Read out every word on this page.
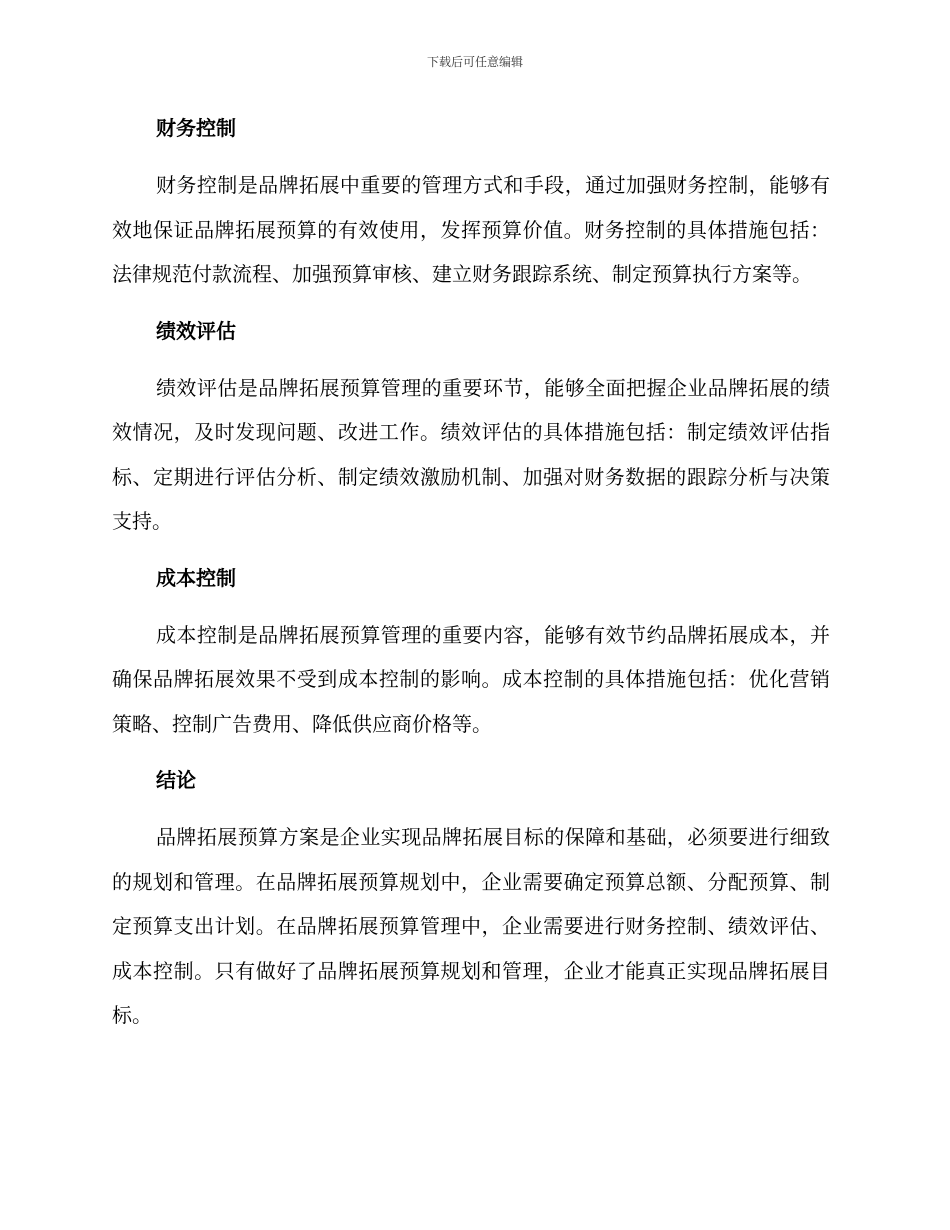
下载后可任意编辑
财务控制

财务控制是品牌拓展中重要的管理方式和手段，通过加强财务控制，能够有效地保证品牌拓展预算的有效使用，发挥预算价值。财务控制的具体措施包括：法律规范付款流程、加强预算审核、建立财务跟踪系统、制定预算执行方案等。

绩效评估

绩效评估是品牌拓展预算管理的重要环节，能够全面把握企业品牌拓展的绩效情况，及时发现问题、改进工作。绩效评估的具体措施包括：制定绩效评估指标、定期进行评估分析、制定绩效激励机制、加强对财务数据的跟踪分析与决策支持。

成本控制

成本控制是品牌拓展预算管理的重要内容，能够有效节约品牌拓展成本，并确保品牌拓展效果不受到成本控制的影响。成本控制的具体措施包括：优化营销策略、控制广告费用、降低供应商价格等。

结论

品牌拓展预算方案是企业实现品牌拓展目标的保障和基础，必须要进行细致的规划和管理。在品牌拓展预算规划中，企业需要确定预算总额、分配预算、制定预算支出计划。在品牌拓展预算管理中，企业需要进行财务控制、绩效评估、成本控制。只有做好了品牌拓展预算规划和管理，企业才能真正实现品牌拓展目标。
